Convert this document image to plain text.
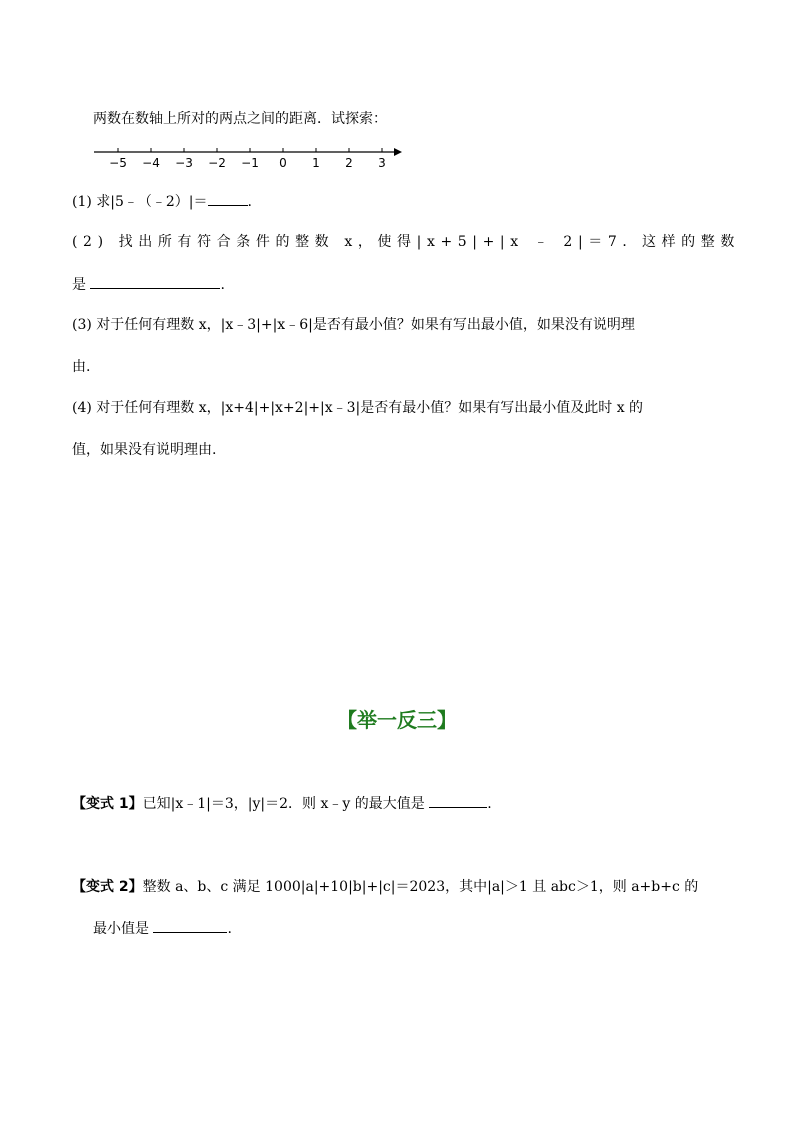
两数在数轴上所对的两点之间的距离．试探索：
−5 −4 −3 −2 −1 0 1 2 3
(1) 求|5﹣（﹣2）|＝	.
(2) 找出所有符合条件的整数 x，使得|x+5|+|x ﹣ 2|＝7．这样的整数
是	.
(3) 对于任何有理数 x，|x﹣3|+|x﹣6|是否有最小值？如果有写出最小值，如果没有说明理
由.
(4) 对于任何有理数 x，|x+4|+|x+2|+|x﹣3|是否有最小值？如果有写出最小值及此时 x 的
值，如果没有说明理由.
【举一反三】
【变式 1】已知|x﹣1|＝3，|y|＝2．则 x﹣y 的最大值是	.
【变式 2】整数 a、b、c 满足 1000|a|+10|b|+|c|＝2023，其中|a|＞1 且 abc＞1，则 a+b+c 的
最小值是	.
